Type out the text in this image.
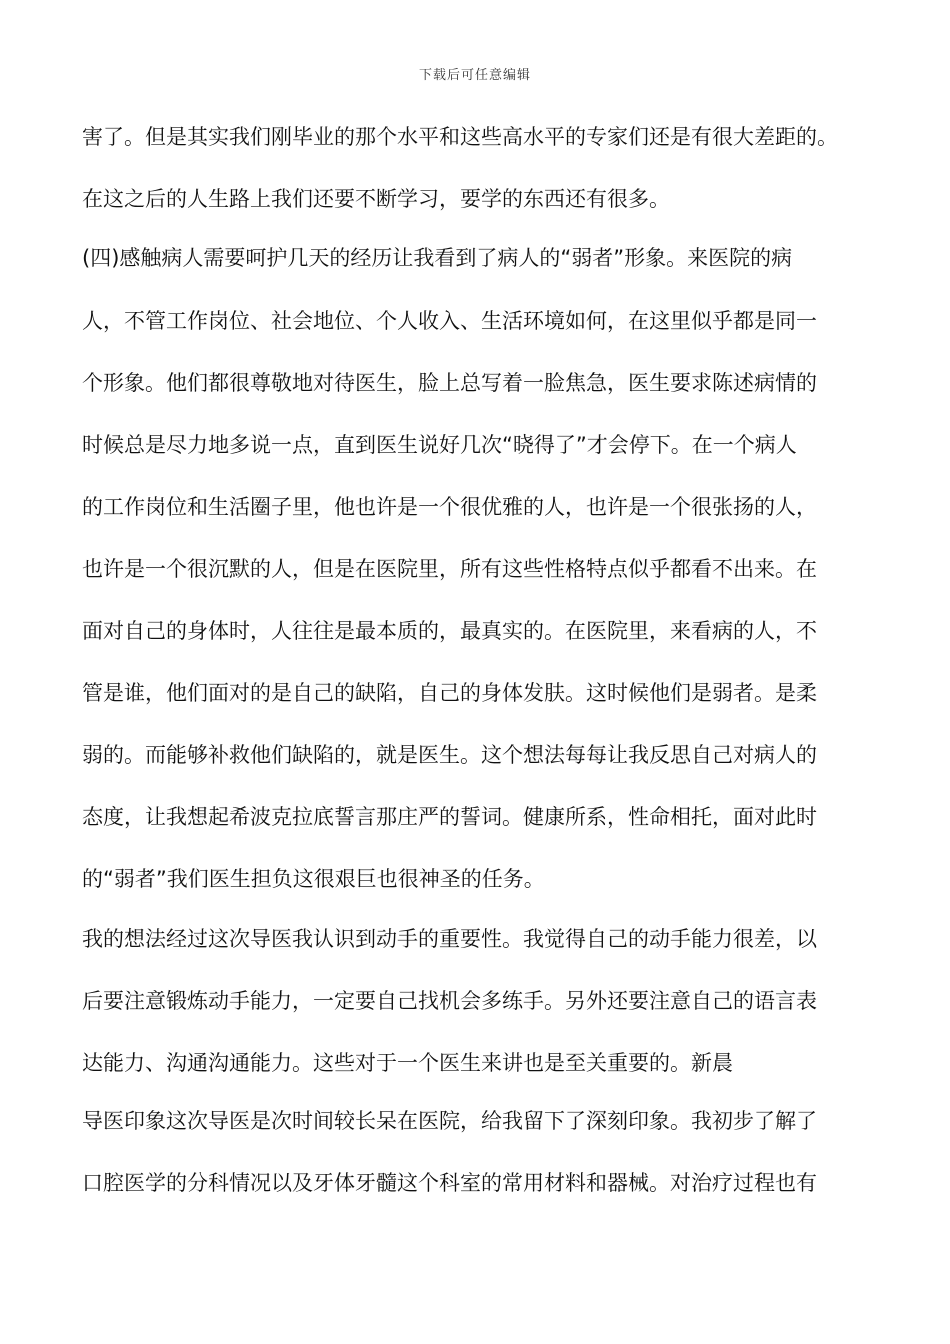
下载后可任意编辑
害了。但是其实我们刚毕业的那个水平和这些高水平的专家们还是有很大差距的。
在这之后的人生路上我们还要不断学习，要学的东西还有很多。
(四)感触病人需要呵护几天的经历让我看到了病人的“弱者”形象。来医院的病
人，不管工作岗位、社会地位、个人收入、生活环境如何，在这里似乎都是同一
个形象。他们都很尊敬地对待医生，脸上总写着一脸焦急，医生要求陈述病情的
时候总是尽力地多说一点，直到医生说好几次“晓得了”才会停下。在一个病人
的工作岗位和生活圈子里，他也许是一个很优雅的人，也许是一个很张扬的人，
也许是一个很沉默的人，但是在医院里，所有这些性格特点似乎都看不出来。在
面对自己的身体时，人往往是最本质的，最真实的。在医院里，来看病的人，不
管是谁，他们面对的是自己的缺陷，自己的身体发肤。这时候他们是弱者。是柔
弱的。而能够补救他们缺陷的，就是医生。这个想法每每让我反思自己对病人的
态度，让我想起希波克拉底誓言那庄严的誓词。健康所系，性命相托，面对此时
的“弱者”我们医生担负这很艰巨也很神圣的任务。
我的想法经过这次导医我认识到动手的重要性。我觉得自己的动手能力很差，以
后要注意锻炼动手能力，一定要自己找机会多练手。另外还要注意自己的语言表
达能力、沟通沟通能力。这些对于一个医生来讲也是至关重要的。新晨
导医印象这次导医是次时间较长呆在医院，给我留下了深刻印象。我初步了解了
口腔医学的分科情况以及牙体牙髓这个科室的常用材料和器械。对治疗过程也有
